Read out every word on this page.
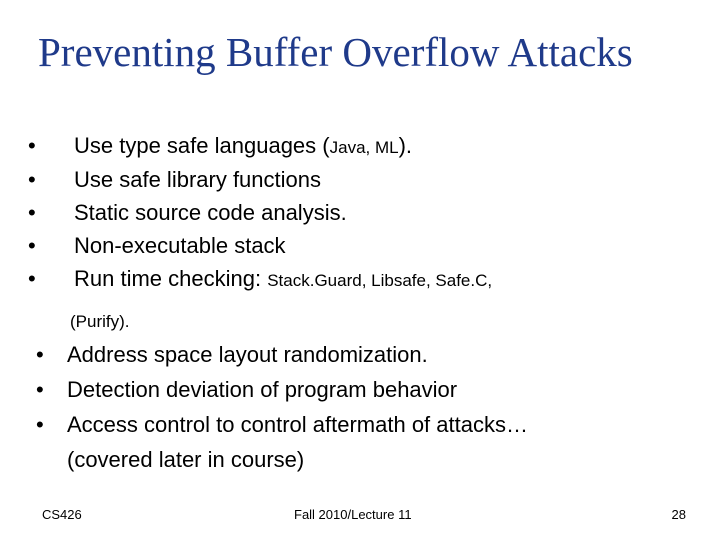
Preventing Buffer Overflow Attacks
• Use type safe languages (Java, ML).
• Use safe library functions
• Static source code analysis.
• Non-executable stack
• Run time checking: Stack.Guard, Libsafe, Safe.C,
(Purify).
• Address space layout randomization.
• Detection deviation of program behavior
• Access control to control aftermath of attacks…
(covered later in course)
CS426	Fall 2010/Lecture 11	28
